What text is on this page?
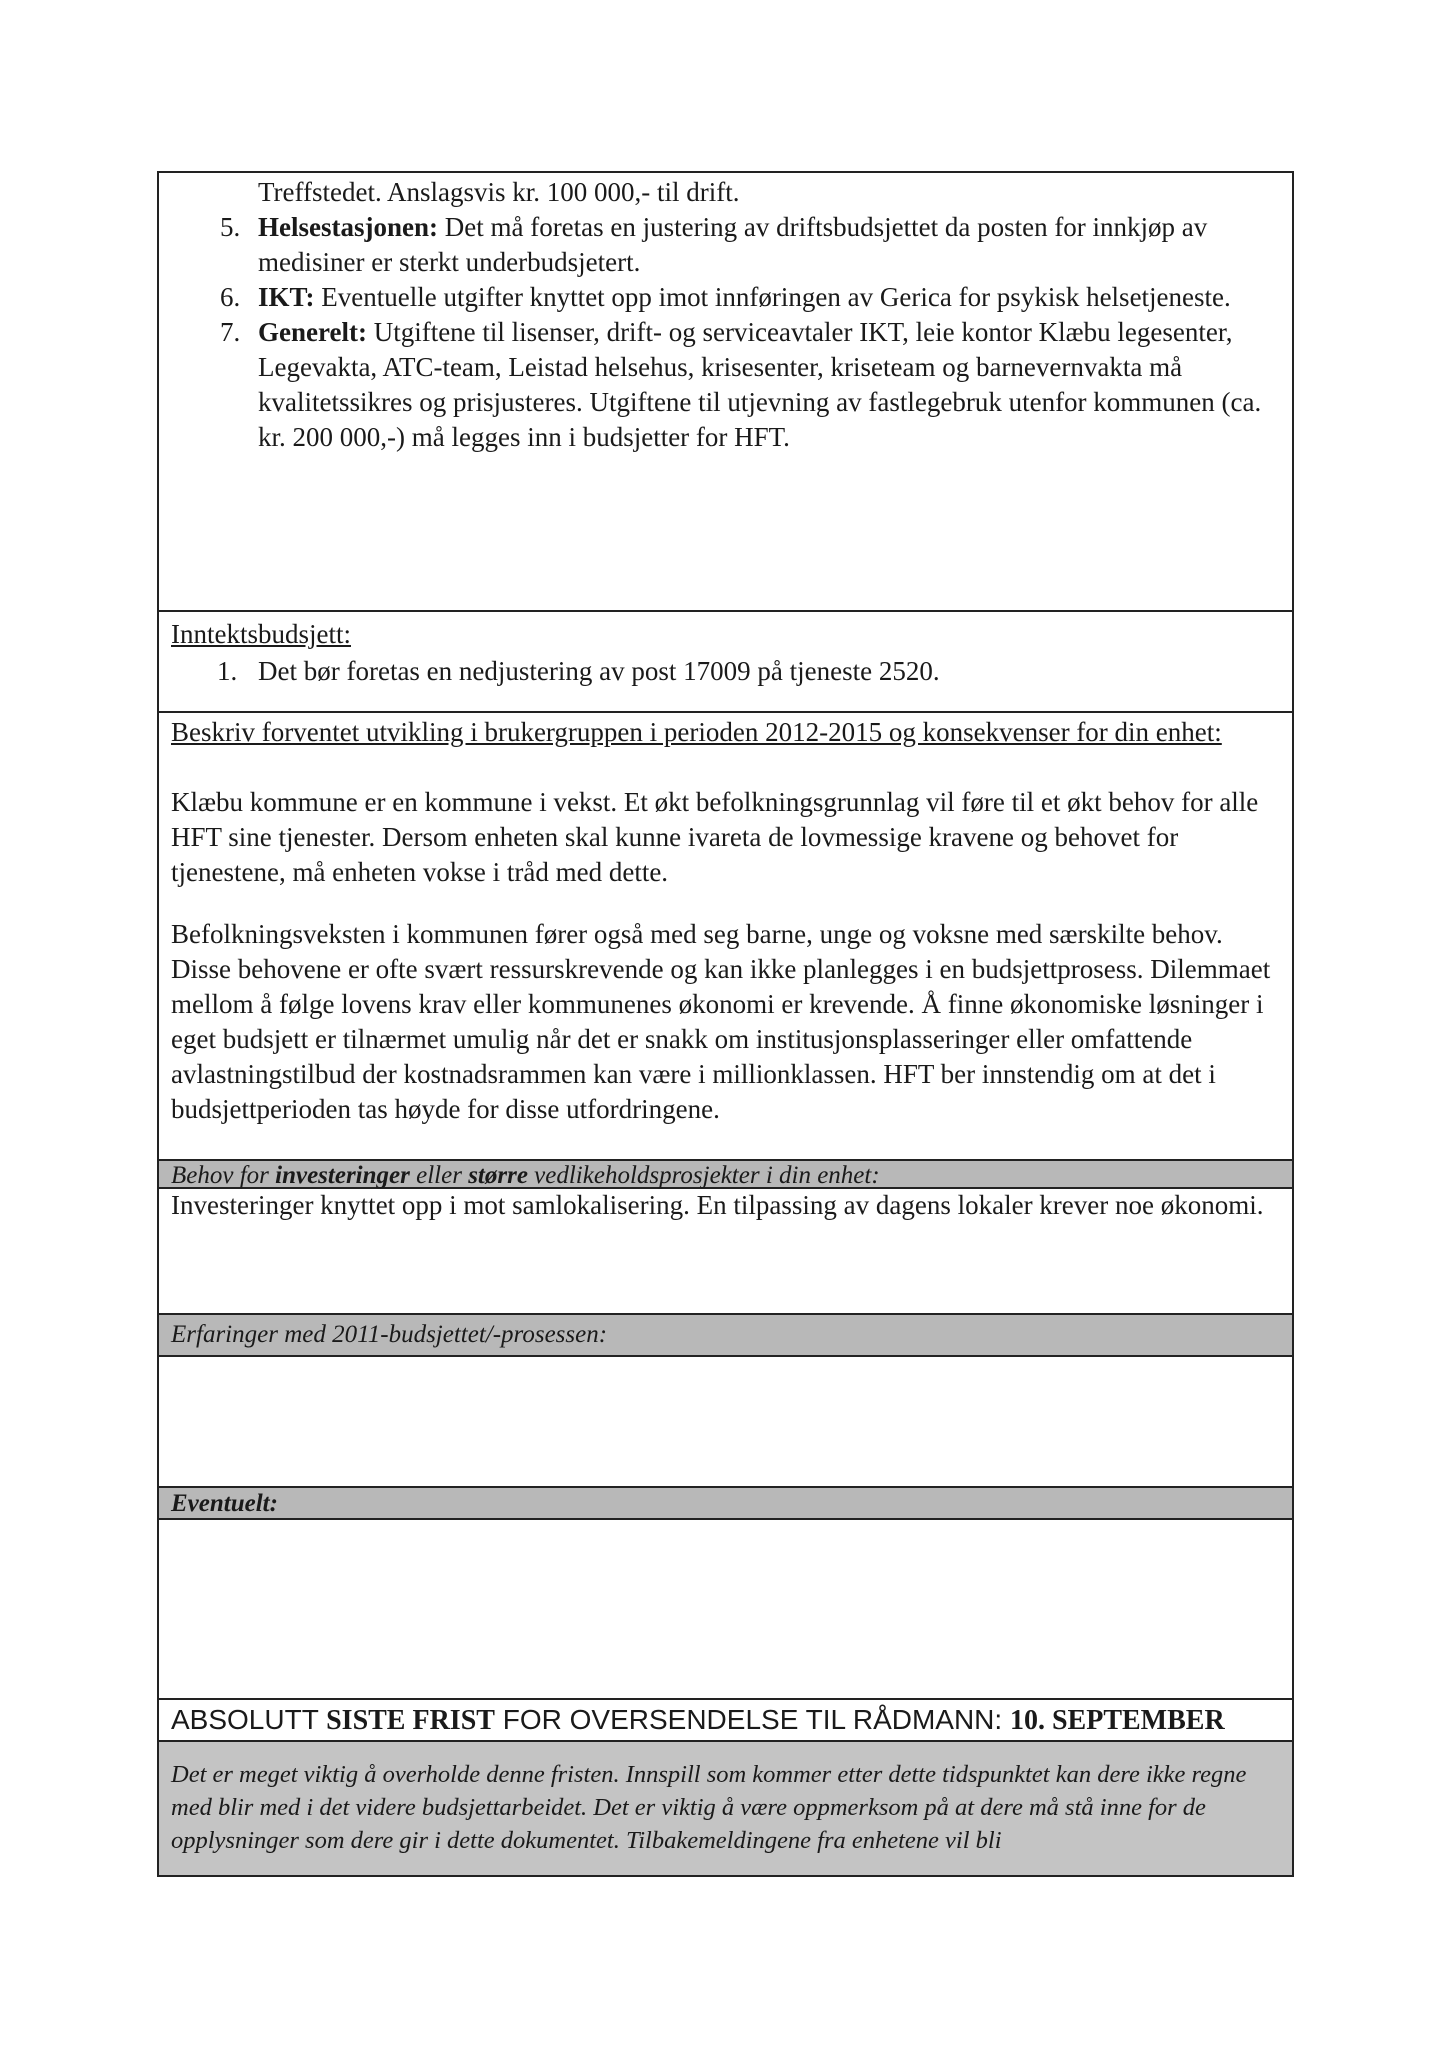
Treffstedet. Anslagsvis kr. 100 000,- til drift.
5. Helsestasjonen: Det må foretas en justering av driftsbudsjettet da posten for innkjøp av medisiner er sterkt underbudsjetert.
6. IKT: Eventuelle utgifter knyttet opp imot innføringen av Gerica for psykisk helsetjeneste.
7. Generelt: Utgiftene til lisenser, drift- og serviceavtaler IKT, leie kontor Klæbu legesenter, Legevakta, ATC-team, Leistad helsehus, krisesenter, kriseteam og barnevernvakta må kvalitetssikres og prisjusteres. Utgiftene til utjevning av fastlegebruk utenfor kommunen (ca. kr. 200 000,-) må legges inn i budsjetter for HFT.
Inntektsbudsjett:
1. Det bør foretas en nedjustering av post 17009 på tjeneste 2520.
Beskriv forventet utvikling i brukergruppen i perioden 2012-2015 og konsekvenser for din enhet:
Klæbu kommune er en kommune i vekst. Et økt befolkningsgrunnlag vil føre til et økt behov for alle HFT sine tjenester. Dersom enheten skal kunne ivareta de lovmessige kravene og behovet for tjenestene, må enheten vokse i tråd med dette.
Befolkningsveksten i kommunen fører også med seg barne, unge og voksne med særskilte behov. Disse behovene er ofte svært ressurskrevende og kan ikke planlegges i en budsjettprosess. Dilemmaet mellom å følge lovens krav eller kommunenes økonomi er krevende. Å finne økonomiske løsninger i eget budsjett er tilnærmet umulig når det er snakk om institusjonsplasseringer eller omfattende avlastningstilbud der kostnadsrammen kan være i millionklassen. HFT ber innstendig om at det i budsjettperioden tas høyde for disse utfordringene.
Behov for investeringer eller større vedlikeholdsprosjekter i din enhet:
Investeringer knyttet opp i mot samlokalisering. En tilpassing av dagens lokaler krever noe økonomi.
Erfaringer med 2011-budsjettet/-prosessen:
Eventuelt:
ABSOLUTT SISTE FRIST FOR OVERSENDELSE TIL RÅDMANN: 10. SEPTEMBER
Det er meget viktig å overholde denne fristen. Innspill som kommer etter dette tidspunktet kan dere ikke regne med blir med i det videre budsjettarbeidet. Det er viktig å være oppmerksom på at dere må stå inne for de opplysninger som dere gir i dette dokumentet. Tilbakemeldingene fra enhetene vil bli
